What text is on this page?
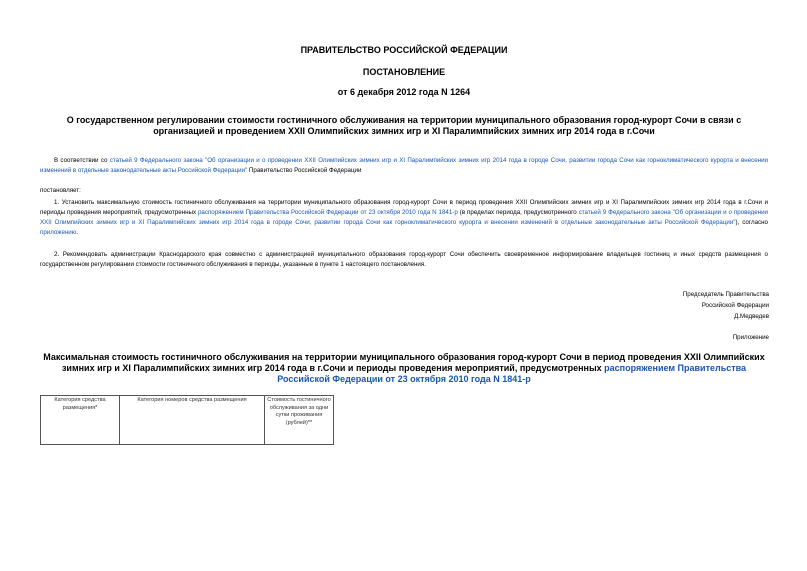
ПРАВИТЕЛЬСТВО РОССИЙСКОЙ ФЕДЕРАЦИИ
ПОСТАНОВЛЕНИЕ
от 6 декабря 2012 года N 1264
О государственном регулировании стоимости гостиничного обслуживания на территории муниципального образования город-курорт Сочи в связи с организацией и проведением XXII Олимпийских зимних игр и XI Паралимпийских зимних игр 2014 года в г.Сочи
В соответствии со статьей 9 Федерального закона "Об организации и о проведении XXII Олимпийских зимних игр и XI Паралимпийских зимних игр 2014 года в городе Сочи, развитии города Сочи как горноклиматического курорта и внесении изменений в отдельные законодательные акты Российской Федерации" Правительство Российской Федерации
постановляет:
1. Установить максимальную стоимость гостиничного обслуживания на территории муниципального образования город-курорт Сочи в период проведения XXII Олимпийских зимних игр и XI Паралимпийских зимних игр 2014 года в г.Сочи и периоды проведения мероприятий, предусмотренных распоряжением Правительства Российской Федерации от 23 октября 2010 года N 1841-р (в пределах периода, предусмотренного статьей 9 Федерального закона "Об организации и о проведении XXII Олимпийских зимних игр и XI Паралимпийских зимних игр 2014 года в городе Сочи, развитии города Сочи как горноклиматического курорта и внесении изменений в отдельные законодательные акты Российской Федерации"), согласно приложению.
2. Рекомендовать администрации Краснодарского края совместно с администрацией муниципального образования город-курорт Сочи обеспечить своевременное информирование владельцев гостиниц и иных средств размещения о государственном регулировании стоимости гостиничного обслуживания в периоды, указанные в пункте 1 настоящего постановления.
Председатель Правительства
Российской Федерации
Д.Медведев
Приложение
Максимальная стоимость гостиничного обслуживания на территории муниципального образования город-курорт Сочи в период проведения XXII Олимпийских зимних игр и XI Паралимпийских зимних игр 2014 года в г.Сочи и периоды проведения мероприятий, предусмотренных распоряжением Правительства Российской Федерации от 23 октября 2010 года N 1841-р
Категория средства размещения*	Категория номеров средства размещения	Стоимость гостиничного обслуживания за одни сутки проживания (рублей)**
